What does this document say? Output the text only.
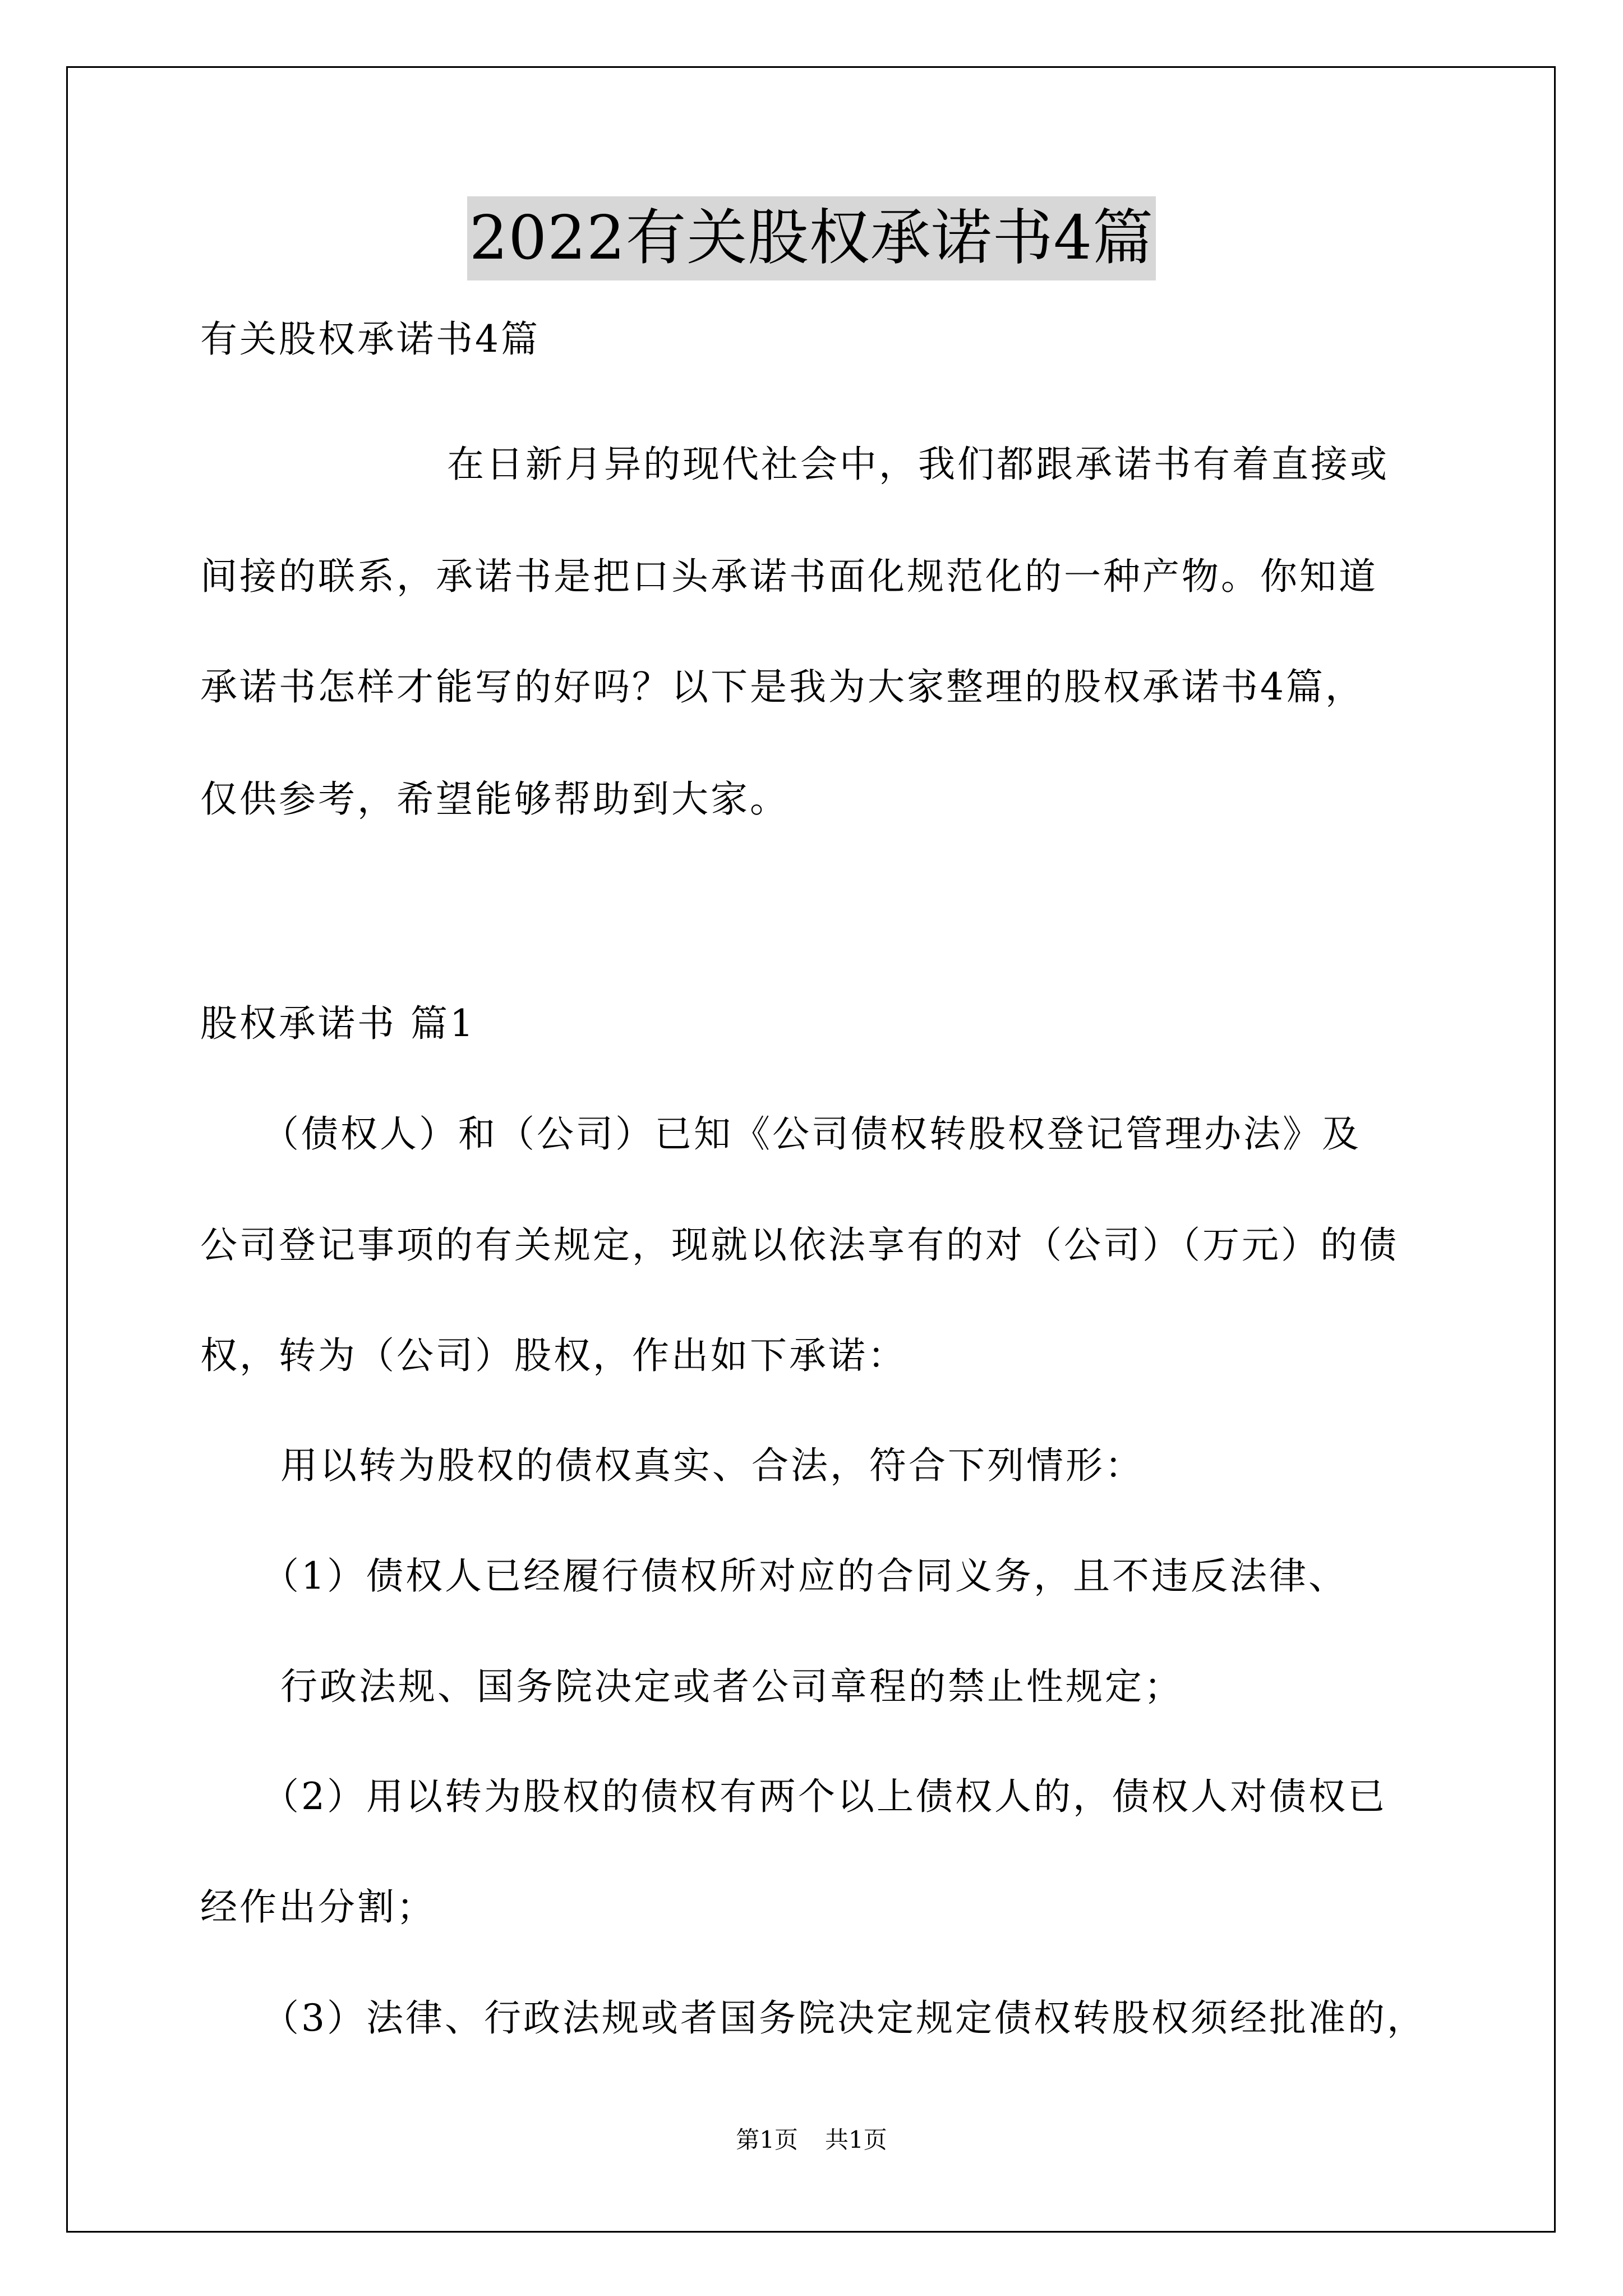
2022有关股权承诺书4篇
有关股权承诺书4篇
在日新月异的现代社会中，我们都跟承诺书有着直接或
间接的联系，承诺书是把口头承诺书面化规范化的一种产物。你知道
承诺书怎样才能写的好吗？以下是我为大家整理的股权承诺书4篇，
仅供参考，希望能够帮助到大家。
股权承诺书 篇1
（债权人）和（公司）已知《公司债权转股权登记管理办法》及
公司登记事项的有关规定，现就以依法享有的对（公司）（万元）的债
权，转为（公司）股权，作出如下承诺：
用以转为股权的债权真实、合法，符合下列情形：
（1）债权人已经履行债权所对应的合同义务，且不违反法律、
行政法规、国务院决定或者公司章程的禁止性规定；
（2）用以转为股权的债权有两个以上债权人的，债权人对债权已
经作出分割；
（3）法律、行政法规或者国务院决定规定债权转股权须经批准的，
第1页 共1页
